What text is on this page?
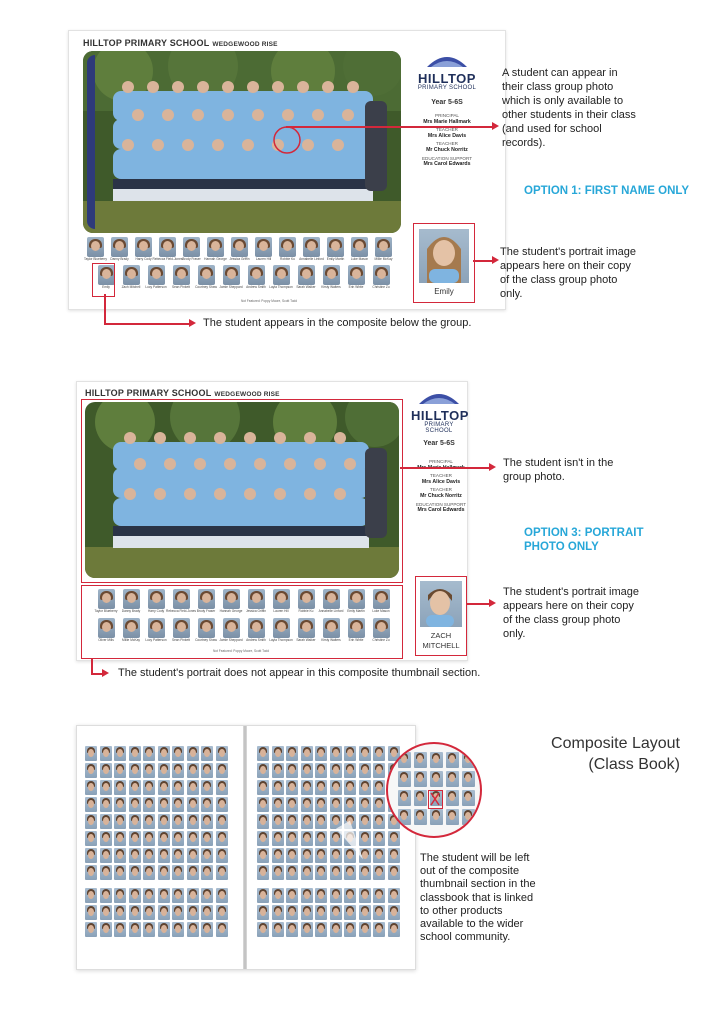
HILLTOP PRIMARY SCHOOL WEDGEWOOD RISE
HILLTOP
PRIMARY SCHOOL
Year 5-6S
PRINCIPAL
Mrs Marie Hallmark
TEACHER
Mrs Alice Davis
TEACHER
Mr Chuck Norritz
EDUCATION SUPPORT
Mrs Carol Edwards
Taylor Blueberry Danny Brady Harry Cody Rebecca Field-Jones Brody Fraser Hannah George Jessica Griffin Lauren Hill	Robbie Ku Annabelle Linford Emily Martin Luke Mason Millie McKay
Emily	Zach Mitchell Lucy Patterson Sean Pinkett Courtney Shaw Jamie Sheppard Andrew Smith Layla Thompson Sarah Walker Kirsty Walters Erin White	Christine Zu
Not Featured: Poppy Moore, Scott Todd
Emily
A student can appear in their class group photo which is only available to other students in their class (and used for school records).
OPTION 1: FIRST NAME ONLY
The student's portrait image appears here on their copy of the class group photo only.
The student appears in the composite below the group.
HILLTOP PRIMARY SCHOOL WEDGEWOOD RISE
HILLTOP
PRIMARY SCHOOL
Year 5-6S
PRINCIPAL
TEACHER
Mrs Alice Davis
TEACHER
Mr Chuck Norritz
EDUCATION SUPPORT
Mrs Carol Edwards
Taylor Blueberry Danny Brady Harry Cody Rebecca Field-Jones Brody Fraser Hannah George Jessica Griffin Lauren Hill	Robbie Ku Annabelle Linford Emily Martin Luke Mason
Oliver Mills	Millie McKay Lucy Patterson Sean Pinkett Courtney Shaw Jamie Sheppard Andrew Smith Layla Thompson Sarah Walker Kirsty Walters Erin White	Christine Zu
Not Featured: Poppy Moore, Scott Todd
ZACH
MITCHELL
The student isn't in the group photo.
OPTION 3: PORTRAIT
PHOTO ONLY
The student's portrait image appears here on their copy of the class group photo only.
The student's portrait does not appear in this composite thumbnail section.
Composite Layout
(Class Book)
The student will be left out of the composite thumbnail section in the classbook that is linked to other products available to the wider school community.
